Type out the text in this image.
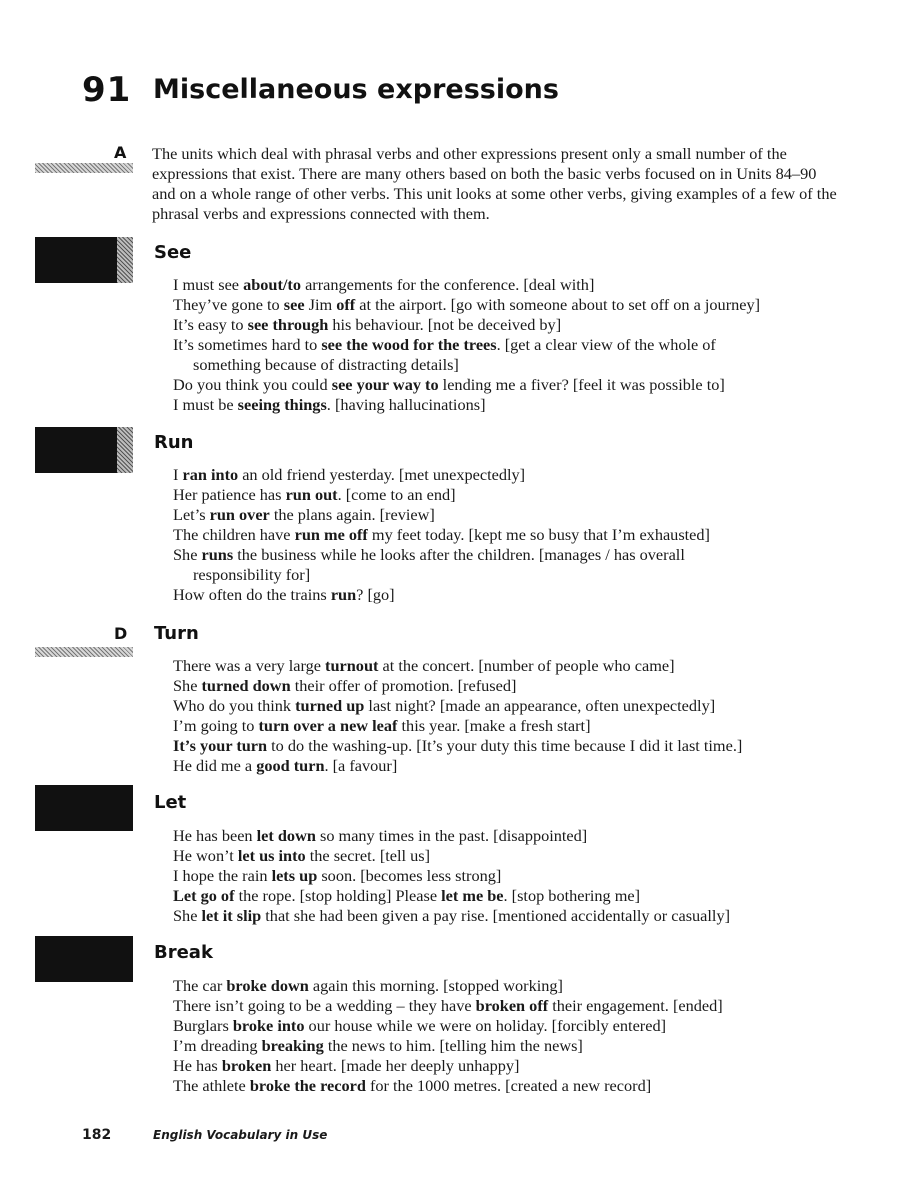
91 Miscellaneous expressions
A
D

The units which deal with phrasal verbs and other expressions present only a small number of the expressions that exist. There are many others based on both the basic verbs focused on in Units 84–90 and on a whole range of other verbs. This unit looks at some other verbs, giving examples of a few of the phrasal verbs and expressions connected with them.

See
I must see about/to arrangements for the conference. [deal with]
They’ve gone to see Jim off at the airport. [go with someone about to set off on a journey]
It’s easy to see through his behaviour. [not be deceived by]
It’s sometimes hard to see the wood for the trees. [get a clear view of the whole of
something because of distracting details]
Do you think you could see your way to lending me a fiver? [feel it was possible to]
I must be seeing things. [having hallucinations]
Run
I ran into an old friend yesterday. [met unexpectedly]
Her patience has run out. [come to an end]
Let’s run over the plans again. [review]
The children have run me off my feet today. [kept me so busy that I’m exhausted]
She runs the business while he looks after the children. [manages / has overall
responsibility for]
How often do the trains run? [go]
Turn
There was a very large turnout at the concert. [number of people who came]
She turned down their offer of promotion. [refused]
Who do you think turned up last night? [made an appearance, often unexpectedly]
I’m going to turn over a new leaf this year. [make a fresh start]
It’s your turn to do the washing-up. [It’s your duty this time because I did it last time.]
He did me a good turn. [a favour]
Let
He has been let down so many times in the past. [disappointed]
He won’t let us into the secret. [tell us]
I hope the rain lets up soon. [becomes less strong]
Let go of the rope. [stop holding] Please let me be. [stop bothering me]
She let it slip that she had been given a pay rise. [mentioned accidentally or casually]
Break
The car broke down again this morning. [stopped working]
There isn’t going to be a wedding – they have broken off their engagement. [ended]
Burglars broke into our house while we were on holiday. [forcibly entered]
I’m dreading breaking the news to him. [telling him the news]
He has broken her heart. [made her deeply unhappy]
The athlete broke the record for the 1000 metres. [created a new record]
182	English Vocabulary in Use
